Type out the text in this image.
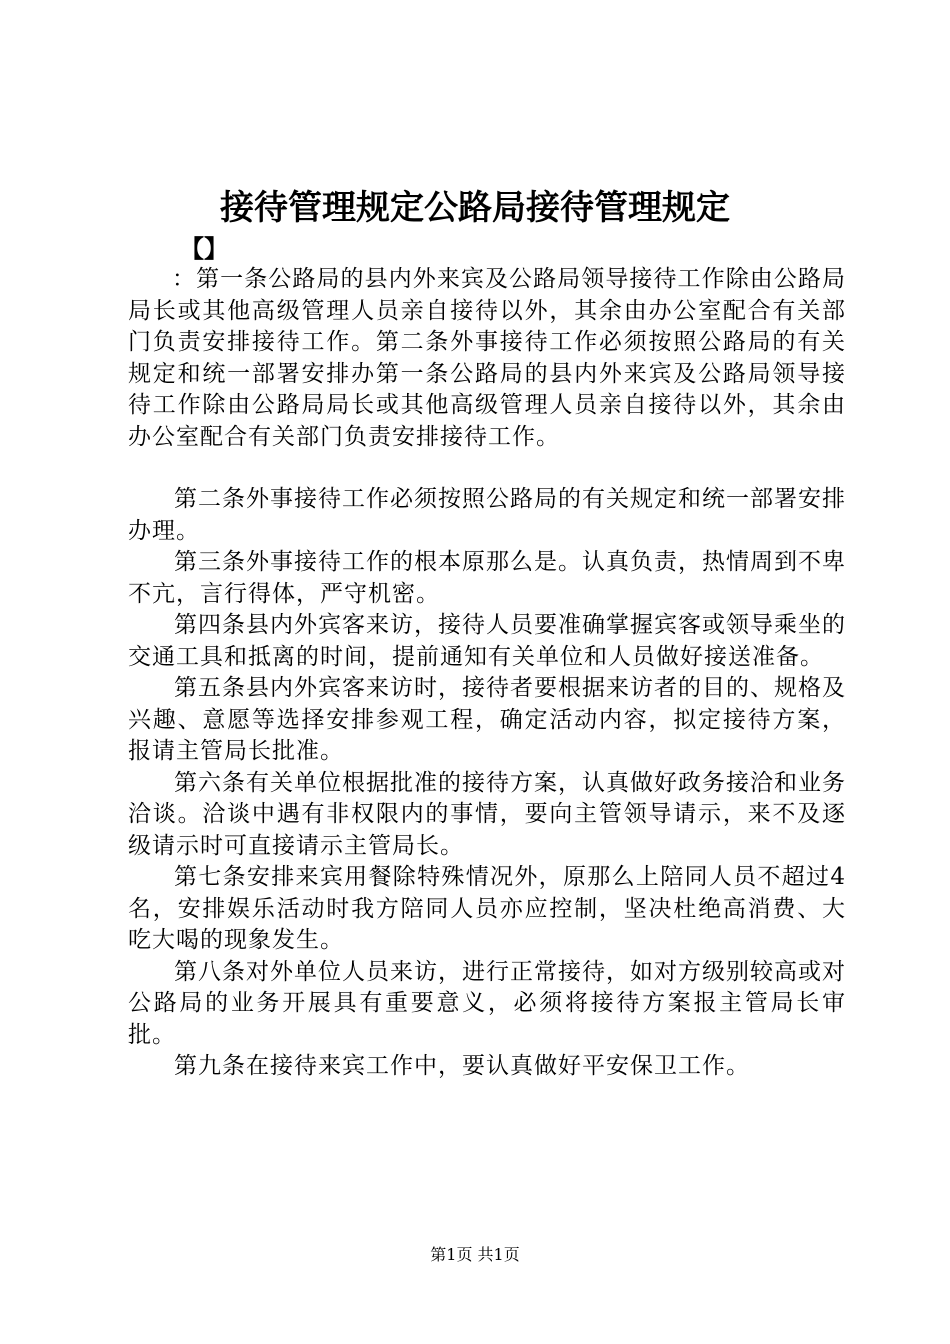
接待管理规定公路局接待管理规定
【】

：第一条公路局的县内外来宾及公路局领导接待工作除由公路局局长或其他高级管理人员亲自接待以外，其余由办公室配合有关部门负责安排接待工作。第二条外事接待工作必须按照公路局的有关规定和统一部署安排办第一条公路局的县内外来宾及公路局领导接待工作除由公路局局长或其他高级管理人员亲自接待以外，其余由办公室配合有关部门负责安排接待工作。

第二条外事接待工作必须按照公路局的有关规定和统一部署安排办理。

第三条外事接待工作的根本原那么是。认真负责，热情周到不卑不亢，言行得体，严守机密。

第四条县内外宾客来访，接待人员要准确掌握宾客或领导乘坐的交通工具和抵离的时间，提前通知有关单位和人员做好接送准备。

第五条县内外宾客来访时，接待者要根据来访者的目的、规格及兴趣、意愿等选择安排参观工程，确定活动内容，拟定接待方案，报请主管局长批准。

第六条有关单位根据批准的接待方案，认真做好政务接洽和业务洽谈。洽谈中遇有非权限内的事情，要向主管领导请示，来不及逐级请示时可直接请示主管局长。

第七条安排来宾用餐除特殊情况外，原那么上陪同人员不超过4名，安排娱乐活动时我方陪同人员亦应控制，坚决杜绝高消费、大吃大喝的现象发生。

第八条对外单位人员来访，进行正常接待，如对方级别较高或对公路局的业务开展具有重要意义，必须将接待方案报主管局长审批。

第九条在接待来宾工作中，要认真做好平安保卫工作。

第1页 共1页
